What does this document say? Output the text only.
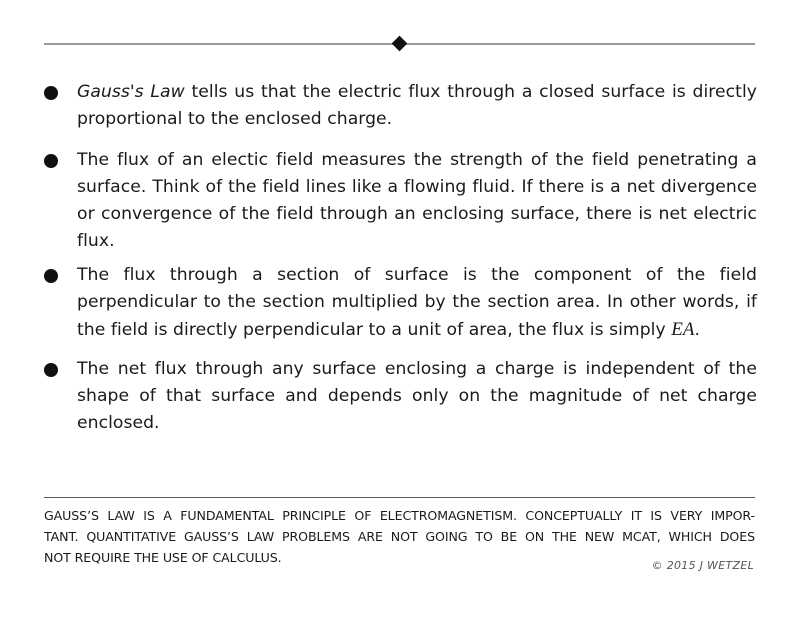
Gauss's Law tells us that the electric flux through a closed surface is directly proportional to the enclosed charge.
The flux of an electic field measures the strength of the field penetrating a surface. Think of the field lines like a flowing fluid. If there is a net divergence or convergence of the field through an enclosing surface, there is net electric flux.
The flux through a section of surface is the component of the field perpendicular to the section multiplied by the section area. In other words, if the field is directly perpendicular to a unit of area, the flux is simply EA.
The net flux through any surface enclosing a charge is independent of the shape of that surface and depends only on the magnitude of net charge enclosed.
GAUSS’S LAW IS A FUNDAMENTAL PRINCIPLE OF ELECTROMAGNETISM. CONCEPTUALLY IT IS VERY IMPOR-
TANT. QUANTITATIVE GAUSS’S LAW PROBLEMS ARE NOT GOING TO BE ON THE NEW MCAT, WHICH DOES
NOT REQUIRE THE USE OF CALCULUS.
© 2015 J WETZEL
